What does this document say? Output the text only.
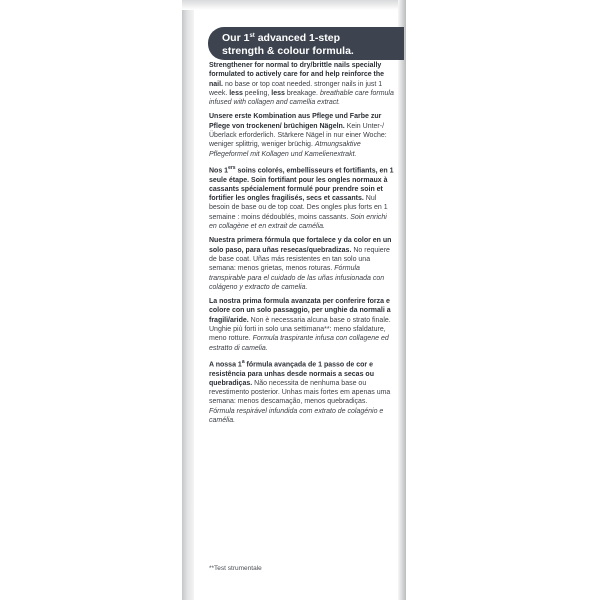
Our 1st advanced 1-step
strength & colour formula.

Strengthener for normal to dry/brittle nails specially formulated to actively care for and help reinforce the nail. no base or top coat needed. stronger nails in just 1 week. less peeling, less breakage. breathable care formula infused with collagen and camellia extract.

Unsere erste Kombination aus Pflege und Farbe zur Pflege von trockenen/ brüchigen Nägeln. Kein Unter-/Überlack erforderlich. Stärkere Nägel in nur einer Woche: weniger splittrig, weniger brüchig. Atmungsaktive Pflegeformel mit Kollagen und Kamelienextrakt.

Nos 1ers soins colorés, embellisseurs et fortifiants, en 1 seule étape. Soin fortifiant pour les ongles normaux à cassants spécialement formulé pour prendre soin et fortifier les ongles fragilisés, secs et cassants. Nul besoin de base ou de top coat. Des ongles plus forts en 1 semaine : moins dédoublés, moins cassants. Soin enrichi en collagène et en extrait de camélia.

Nuestra primera fórmula que fortalece y da color en un solo paso, para uñas resecas/quebradizas. No requiere de base coat. Uñas más resistentes en tan solo una semana: menos grietas, menos roturas. Fórmula transpirable para el cuidado de las uñas infusionada con colágeno y extracto de camelia.

La nostra prima formula avanzata per conferire forza e colore con un solo passaggio, per unghie da normali a fragili/aride. Non è necessaria alcuna base o strato finale. Unghie più forti in solo una settimana**: meno sfaldature, meno rotture. Formula traspirante infusa con collagene ed estratto di camelia.

A nossa 1$^a$ fórmula avançada de 1 passo de cor e resistência para unhas desde normais a secas ou quebradiças. Não necessita de nenhuma base ou revestimento posterior. Unhas mais fortes em apenas uma semana: menos descamação, menos quebradiças. Fórmula respirável infundida com extrato de colagénio e camélia.

**Test strumentale
